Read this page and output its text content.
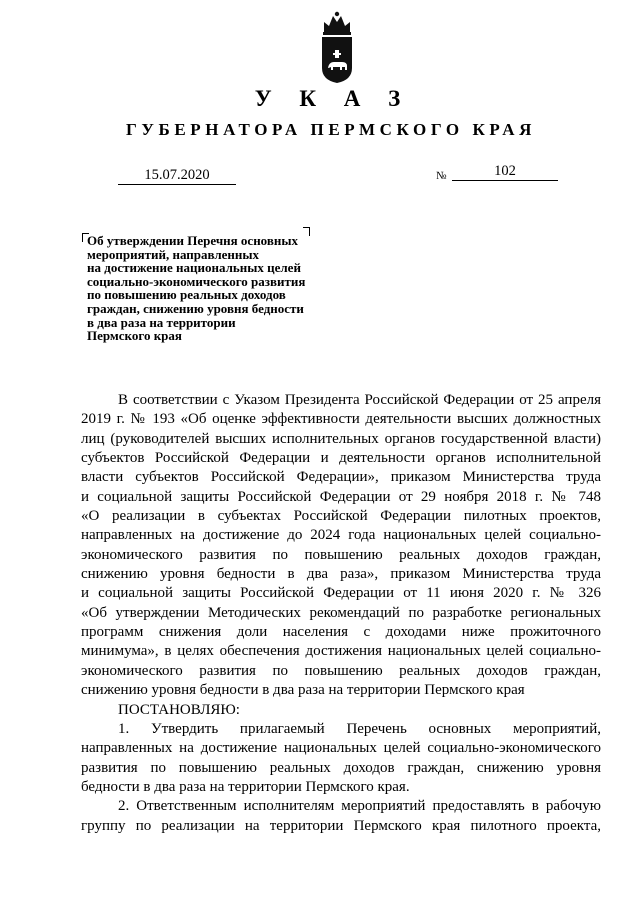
У К А З
ГУБЕРНАТОРА ПЕРМСКОГО КРАЯ
15.07.2020	№	102
Об утверждении Перечня основных
мероприятий, направленных
на достижение национальных целей
социально-экономического развития
по повышению реальных доходов
граждан, снижению уровня бедности
в два раза на территории
Пермского края
В соответствии с Указом Президента Российской Федерации от 25 апреля
2019 г. № 193 «Об оценке эффективности деятельности высших должностных
лиц (руководителей высших исполнительных органов государственной власти)
субъектов Российской Федерации и деятельности органов исполнительной
власти субъектов Российской Федерации», приказом Министерства труда
и социальной защиты Российской Федерации от 29 ноября 2018 г. № 748
«О реализации в субъектах Российской Федерации пилотных проектов,
направленных на достижение до 2024 года национальных целей социально-
экономического развития по повышению реальных доходов граждан,
снижению уровня бедности в два раза», приказом Министерства труда
и социальной защиты Российской Федерации от 11 июня 2020 г. № 326
«Об утверждении Методических рекомендаций по разработке региональных
программ снижения доли населения с доходами ниже прожиточного
минимума», в целях обеспечения достижения национальных целей социально-
экономического развития по повышению реальных доходов граждан,
снижению уровня бедности в два раза на территории Пермского края
ПОСТАНОВЛЯЮ:
1. Утвердить прилагаемый Перечень основных мероприятий,
направленных на достижение национальных целей социально-экономического
развития по повышению реальных доходов граждан, снижению уровня
бедности в два раза на территории Пермского края.
2. Ответственным исполнителям мероприятий предоставлять в рабочую
группу по реализации на территории Пермского края пилотного проекта,
